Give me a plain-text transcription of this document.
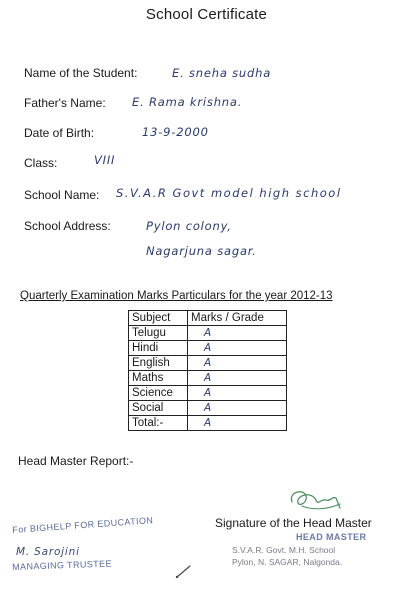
School Certificate
Name of the Student:	E. sneha sudha
Father's Name: E. Rama krishna.
Date of Birth:	13-9-2000
Class:	VIII
School Name: S.V.A.R Govt model high school
School Address:	Pylon colony,
Nagarjuna sagar.
Quarterly Examination Marks Particulars for the year 2012-13
Subject	Marks / Grade
Telugu	A
Hindi	A
English	A
Maths	A
Science	A
Social	A
Total:-	A
Head Master Report:-
Signature of the Head Master
HEAD MASTER
S.V.A.R. Govt. M.H. School
Pylon, N. SAGAR, Nalgonda.
For BIGHELP FOR EDUCATION
M. Sarojini
MANAGING TRUSTEE
